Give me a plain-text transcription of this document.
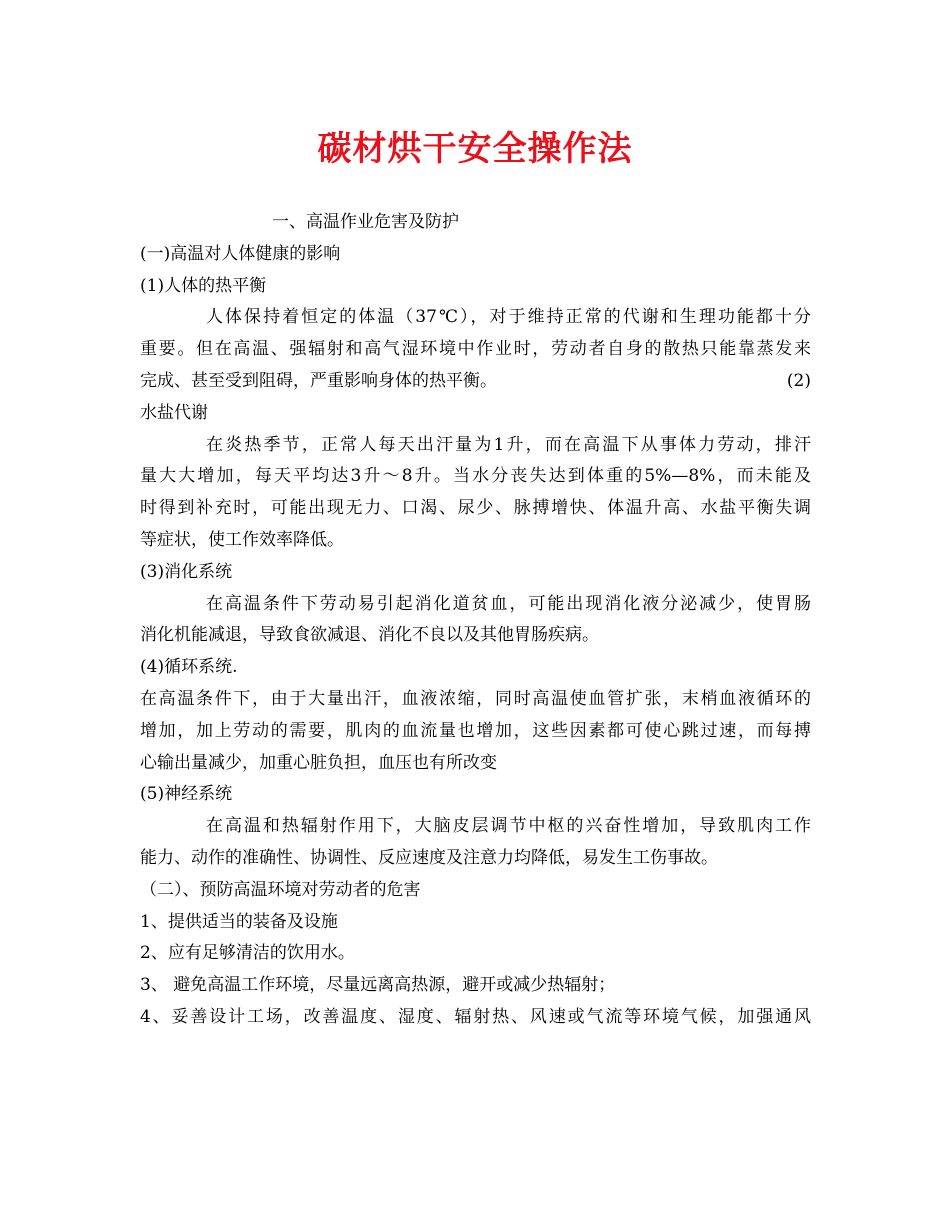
碳材烘干安全操作法
一、高温作业危害及防护
(一)高温对人体健康的影响
(1)人体的热平衡
人体保持着恒定的体温（37℃），对于维持正常的代谢和生理功能都十分
重要。但在高温、强辐射和高气湿环境中作业时，劳动者自身的散热只能靠蒸发来
完成、甚至受到阻碍，严重影响身体的热平衡。	(2)
水盐代谢
在炎热季节，正常人每天出汗量为1升，而在高温下从事体力劳动，排汗
量大大增加，每天平均达3升～8升。当水分丧失达到体重的5%—8%，而未能及
时得到补充时，可能出现无力、口渴、尿少、脉搏增快、体温升高、水盐平衡失调
等症状，使工作效率降低。
(3)消化系统
在高温条件下劳动易引起消化道贫血，可能出现消化液分泌减少，使胃肠
消化机能减退，导致食欲减退、消化不良以及其他胃肠疾病。
(4)循环系统.
在高温条件下，由于大量出汗，血液浓缩，同时高温使血管扩张，末梢血液循环的
增加，加上劳动的需要，肌肉的血流量也增加，这些因素都可使心跳过速，而每搏
心输出量减少，加重心脏负担，血压也有所改变
(5)神经系统
在高温和热辐射作用下，大脑皮层调节中枢的兴奋性增加，导致肌肉工作
能力、动作的准确性、协调性、反应速度及注意力均降低，易发生工伤事故。
（二）、预防高温环境对劳动者的危害
1、提供适当的装备及设施
2、应有足够清洁的饮用水。
3、 避免高温工作环境，尽量远离高热源，避开或减少热辐射；
4、妥善设计工场，改善温度、湿度、辐射热、风速或气流等环境气候，加强通风
